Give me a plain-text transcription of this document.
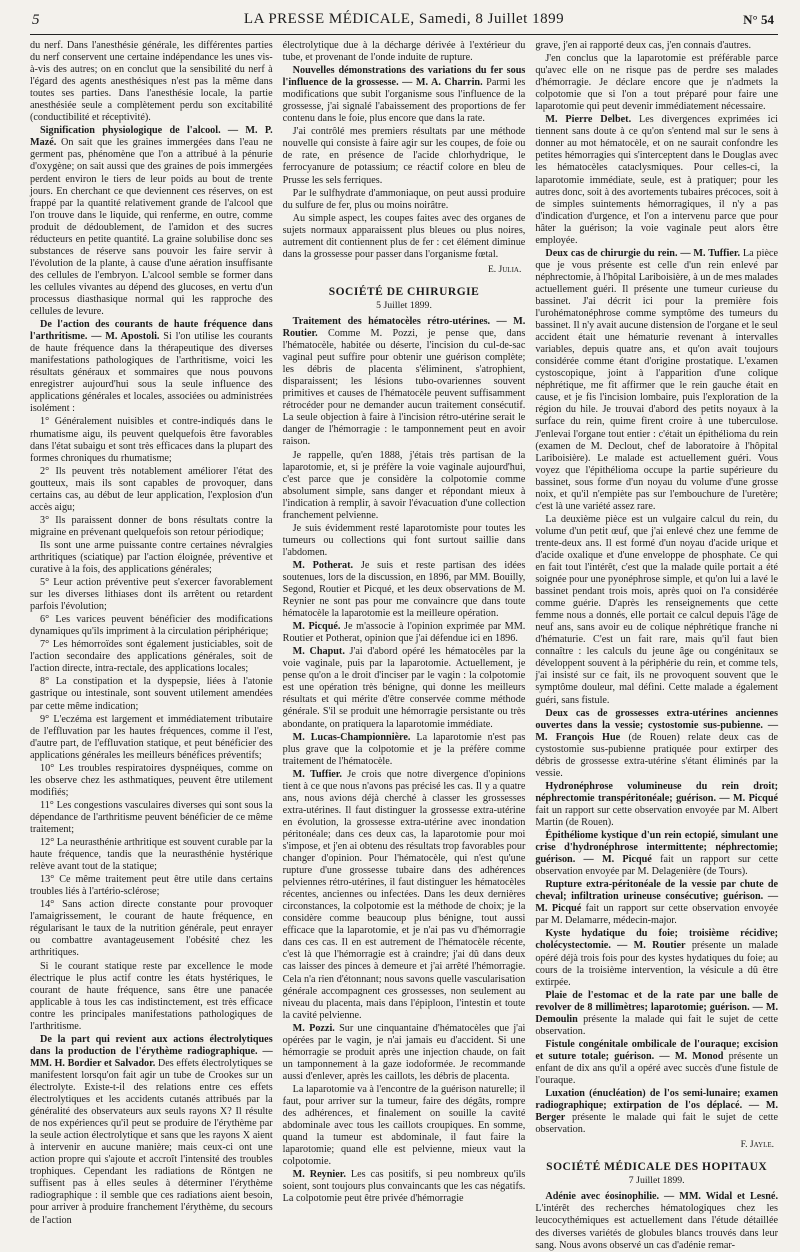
5	LA PRESSE MÉDICALE, Samedi, 8 Juillet 1899	N° 54

du nerf. Dans l'anesthésie générale, les différentes parties du nerf conservent une certaine indépendance les unes vis-à-vis des autres; on en conclut que la sensibilité du nerf à l'égard des agents anesthésiques n'est pas la même dans toutes ses parties. Dans l'anesthésie locale, la partie anesthésiée seule a complètement perdu son excitabilité (conductibilité et réceptivité).

Signification physiologique de l'alcool. — M. P. Mazé. On sait que les graines immergées dans l'eau ne germent pas, phénomène que l'on a attribué à la pénurie d'oxygène; on sait aussi que des graines de pois immergées perdent environ le tiers de leur poids au bout de trente jours. En cherchant ce que deviennent ces réserves, on est frappé par la quantité relativement grande de l'alcool que l'on trouve dans le liquide, qui renferme, en outre, comme produit de dédoublement, de l'amidon et des sucres réducteurs en petite quantité. La graine solubilise donc ses substances de réserve sans pouvoir les faire servir à l'évolution de la plante, à cause d'une aération insuffisante des cellules de l'embryon. L'alcool semble se former dans les cellules vivantes au dépend des glucoses, en vertu d'un processus diasthasique normal qui les rapproche des cellules de levure.

De l'action des courants de haute fréquence dans l'arthritisme. — M. Apostoli. Si l'on utilise les courants de haute fréquence dans la thérapeutique des diverses manifestations pathologiques de l'arthritisme, voici les résultats généraux et sommaires que nous pouvons enregistrer aujourd'hui sous la seule influence des applications générales et locales, associées ou administrées isolément :

1° Généralement nuisibles et contre-indiqués dans le rhumatisme aigu, ils peuvent quelquefois être favorables dans l'état subaigu et sont très efficaces dans la plupart des formes chroniques du rhumatisme;

2° Ils peuvent très notablement améliorer l'état des goutteux, mais ils sont capables de provoquer, dans certains cas, au début de leur application, l'explosion d'un accès aigu;

3° Ils paraissent donner de bons résultats contre la migraine en prévenant quelquefois son retour périodique;

Ils sont une arme puissante contre certaines névralgies arthritiques (sciatique) par l'action éloignée, préventive et curative à la fois, des applications générales;

5° Leur action préventive peut s'exercer favorablement sur les diverses lithiases dont ils arrêtent ou retardent parfois l'évolution;

6° Les varices peuvent bénéficier des modifications dynamiques qu'ils impriment à la circulation périphérique;

7° Les hémorroïdes sont également justiciables, soit de l'action secondaire des applications générales, soit de l'action directe, intra-rectale, des applications locales;

8° La constipation et la dyspepsie, liées à l'atonie gastrique ou intestinale, sont souvent utilement amendées par cette même indication;

9° L'eczéma est largement et immédiatement tributaire de l'effluvation par les hautes fréquences, comme il l'est, d'autre part, de l'effluvation statique, et peut bénéficier des applications générales les meilleurs bénéfices préventifs;

10° Les troubles respiratoires dyspnéiques, comme on les observe chez les asthmatiques, peuvent être utilement modifiés;

11° Les congestions vasculaires diverses qui sont sous la dépendance de l'arthritisme peuvent bénéficier de ce même traitement;

12° La neurasthénie arthritique est souvent curable par la haute fréquence, tandis que la neurasthénie hystérique relève avant tout de la statique;

13° Ce même traitement peut être utile dans certains troubles liés à l'artério-sclérose;

14° Sans action directe constante pour provoquer l'amaigrissement, le courant de haute fréquence, en régularisant le taux de la nutrition générale, peut enrayer ou combattre avantageusement l'obésité chez les arthritiques.

Si le courant statique reste par excellence le mode électrique le plus actif contre les états hystériques, le courant de haute fréquence, sans être une panacée applicable à tous les cas indistinctement, est très efficace contre les principales manifestations pathologiques de l'arthritisme.

De la part qui revient aux actions électrolytiques dans la production de l'érythème radiographique. — MM. H. Bordier et Salvador. Des effets électrolytiques se manifestent lorsqu'on fait agir un tube de Crookes sur un électrolyte. Existe-t-il des relations entre ces effets électrolytiques et les accidents cutanés attribués par la généralité des observateurs aux seuls rayons X? Il résulte de nos expériences qu'il peut se produire de l'érythème par la seule action électrolytique et sans que les rayons X aient à intervenir en aucune manière; mais ceux-ci ont une action propre qui s'ajoute et accroît l'intensité des troubles trophiques. Cependant les radiations de Röntgen ne suffisent pas à elles seules à déterminer l'érythème radiographique : il semble que ces radiations aient besoin, pour arriver à produire franchement l'érythème, du secours de l'action

électrolytique due à la décharge dérivée à l'extérieur du tube, et provenant de l'onde induite de rupture.

Nouvelles démonstrations des variations du fer sous l'influence de la grossesse. — M. A. Charrin. Parmi les modifications que subit l'organisme sous l'influence de la grossesse, j'ai signalé l'abaissement des proportions de fer contenu dans le foie, plus encore que dans la rate.

J'ai contrôlé mes premiers résultats par une méthode nouvelle qui consiste à faire agir sur les coupes, de foie ou de rate, en présence de l'acide chlorhydrique, le ferrocyanure de potassium; ce réactif colore en bleu de Prusse les sels ferriques.

Par le sulfhydrate d'ammoniaque, on peut aussi produire du sulfure de fer, plus ou moins noirâtre.

Au simple aspect, les coupes faites avec des organes de sujets normaux apparaissent plus bleues ou plus noires, autrement dit contiennent plus de fer : cet élément diminue dans la grossesse pour passer dans l'organisme fœtal.

E. Julia.
SOCIÉTÉ DE CHIRURGIE
5 Juillet 1899.

Traitement des hématocèles rétro-utérines. — M. Routier. Comme M. Pozzi, je pense que, dans l'hématocèle, habitée ou déserte, l'incision du cul-de-sac vaginal peut suffire pour obtenir une guérison complète; les débris de placenta s'éliminent, s'atrophient, disparaissent; les lésions tubo-ovariennes souvent primitives et causes de l'hématocèle peuvent suffisamment rétrocéder pour ne demander aucun traitement consécutif. La seule objection à faire à l'incision rétro-utérine serait le danger de l'hémorragie : le tamponnement peut en avoir raison.

Je rappelle, qu'en 1888, j'étais très partisan de la laparotomie, et, si je préfère la voie vaginale aujourd'hui, c'est parce que je considère la colpotomie comme absolument simple, sans danger et répondant mieux à l'indication à remplir, à savoir l'évacuation d'une collection franchement pelvienne.

Je suis évidemment resté laparotomiste pour toutes les tumeurs ou collections qui font surtout saillie dans l'abdomen.

M. Potherat. Je suis et reste partisan des idées soutenues, lors de la discussion, en 1896, par MM. Bouilly, Segond, Routier et Picqué, et les deux observations de M. Reynier ne sont pas pour me convaincre que dans toute hématocèle la laparotomie est la meilleure opération.

M. Picqué. Je m'associe à l'opinion exprimée par MM. Routier et Potherat, opinion que j'ai défendue ici en 1896.

M. Chaput. J'ai d'abord opéré les hématocèles par la voie vaginale, puis par la laparotomie. Actuellement, je pense qu'on a le droit d'inciser par le vagin : la colpotomie est une opération très bénigne, qui donne les meilleurs résultats et qui mérite d'être conservée comme méthode générale. S'il se produit une hémorragie persistante ou très abondante, on pratiquera la laparotomie immédiate.

M. Lucas-Championnière. La laparotomie n'est pas plus grave que la colpotomie et je la préfère comme traitement de l'hématocèle.

M. Tuffier. Je crois que notre divergence d'opinions tient à ce que nous n'avons pas précisé les cas. Il y a quatre ans, nous avions déjà cherché à classer les grossesses extra-utérines. Il faut distinguer la grossesse extra-utérine en évolution, la grossesse extra-utérine avec inondation péritonéale; dans ces deux cas, la laparotomie pour moi s'impose, et j'en ai obtenu des résultats trop favorables pour changer d'opinion. Pour l'hématocèle, qui n'est qu'une rupture d'une grossesse tubaire dans des adhérences pelviennes rétro-utérines, il faut distinguer les hématocèles récentes, anciennes ou infectées. Dans les deux dernières circonstances, la colpotomie est la méthode de choix; je la considère comme beaucoup plus bénigne, tout aussi efficace que la laparotomie, et je n'ai pas vu d'hémorragie dans ces cas. Il en est autrement de l'hématocèle récente, c'est là que l'hémorragie est à craindre; j'ai dû dans deux cas laisser des pinces à demeure et j'ai arrêté l'hémorragie. Cela n'a rien d'étonnant; nous savons quelle vascularisation générale accompagnent ces grossesses, non seulement au niveau du placenta, mais dans l'épiploon, l'intestin et toute la cavité pelvienne.

M. Pozzi. Sur une cinquantaine d'hématocèles que j'ai opérées par le vagin, je n'ai jamais eu d'accident. Si une hémorragie se produit après une injection chaude, on fait un tamponnement à la gaze iodoformée. Je recommande aussi d'enlever, après les caillots, les débris de placenta.

La laparotomie va à l'encontre de la guérison naturelle; il faut, pour arriver sur la tumeur, faire des dégâts, rompre des adhérences, et finalement on souille la cavité abdominale avec tous les caillots croupiques. En somme, quand la tumeur est abdominale, il faut faire la laparotomie; quand elle est pelvienne, mieux vaut la colpotomie.

M. Reynier. Les cas positifs, si peu nombreux qu'ils soient, sont toujours plus convaincants que les cas négatifs. La colpotomie peut être privée d'hémorragie

grave, j'en ai rapporté deux cas, j'en connais d'autres.

J'en conclus que la laparotomie est préférable parce qu'avec elle on ne risque pas de perdre ses malades d'hémorragie. Je déclare encore que je n'admets la colpotomie que si l'on a tout préparé pour faire une laparotomie qui peut devenir immédiatement nécessaire.

M. Pierre Delbet. Les divergences exprimées ici tiennent sans doute à ce qu'on s'entend mal sur le sens à donner au mot hématocèle, et on ne saurait confondre les petites hémorragies qui s'interceptent dans le Douglas avec les hématocèles cataclysmiques. Pour celles-ci, la laparotomie immédiate, seule, est à pratiquer; pour les autres donc, soit à des avortements tubaires précoces, soit à de simples suintements hémorragiques, il n'y a pas d'indication d'urgence, et l'on a intervenu parce que pour hâter la guérison; la voie vaginale peut alors être employée.

Deux cas de chirurgie du rein. — M. Tuffier. La pièce que je vous présente est celle d'un rein enlevé par néphrectomie, à l'hôpital Lariboisière, à un de mes malades actuellement guéri. Il présente une tumeur curieuse du bassinet. J'ai décrit ici pour la première fois l'urohématonéphrose comme symptôme des tumeurs du bassinet. Il n'y avait aucune distension de l'organe et le seul accident était une hématurie revenant à intervalles variables, depuis quatre ans, et qu'on avait toujours considérée comme étant d'origine prostatique. L'examen cystoscopique, joint à l'apparition d'une colique néphrétique, me fit affirmer que le rein gauche était en cause, et je fis l'incision lombaire, puis l'exploration de la région du hile. Je trouvai d'abord des petits noyaux à la surface du rein, quime firent croire à une tuberculose. J'enlevai l'organe tout entier : c'était un épithélioma du rein (examen de M. Declout, chef de laboratoire à l'hôpital Lariboisière). Le malade est actuellement guéri. Vous voyez que l'épithélioma occupe la partie supérieure du bassinet, sous forme d'un noyau du volume d'une grosse noix, et qu'il n'empiète pas sur l'embouchure de l'uretère; c'est là une variété assez rare.

La deuxième pièce est un vulgaire calcul du rein, du volume d'un petit œuf, que j'ai enlevé chez une femme de trente-deux ans. Il est formé d'un noyau d'acide urique et d'acide oxalique et d'une enveloppe de phosphate. Ce qui en fait tout l'intérêt, c'est que la malade quile portait a été soignée pour une pyonéphrose simple, et qu'on lui a lavé le bassinet pendant trois mois, après quoi on l'a considérée comme guérie. D'après les renseignements que cette femme nous a donnés, elle portait ce calcul depuis l'âge de neuf ans, sans avoir eu de colique néphrétique franche ni d'hématurie. C'est un fait rare, mais qu'il faut bien connaître : les calculs du jeune âge ou congénitaux se développent souvent à la périphérie du rein, et comme tels, j'ai insisté sur ce fait, ils ne provoquent souvent que le symptôme douleur, mal défini. Cette malade a également guéri, sans fistule.

Deux cas de grossesses extra-utérines anciennes ouvertes dans la vessie; cystostomie sus-pubienne. — M. François Hue (de Rouen) relate deux cas de cystostomie sus-pubienne pratiquée pour extirper des débris de grossesse extra-utérine s'étant éliminés par la vessie.

Hydronéphrose volumineuse du rein droit; néphrectomie transpéritonéale; guérison. — M. Picqué fait un rapport sur cette observation envoyée par M. Albert Martin (de Rouen).

Épithéliome kystique d'un rein ectopié, simulant une crise d'hydronéphrose intermittente; néphrectomie; guérison. — M. Picqué fait un rapport sur cette observation envoyée par M. Delagenière (de Tours).

Rupture extra-péritonéale de la vessie par chute de cheval; infiltration urineuse consécutive; guérison. — M. Picqué fait un rapport sur cette observation envoyée par M. Delamarre, médecin-major.

Kyste hydatique du foie; troisième récidive; cholécystectomie. — M. Routier présente un malade opéré déjà trois fois pour des kystes hydatiques du foie; au cours de la troisième intervention, la vésicule a dû être extirpée.

Plaie de l'estomac et de la rate par une balle de revolver de 8 millimètres; laparotomie; guérison. — M. Demoulin présente la malade qui fait le sujet de cette observation.

Fistule congénitale ombilicale de l'ouraque; excision et suture totale; guérison. — M. Monod présente un enfant de dix ans qu'il a opéré avec succès d'une fistule de l'ouraque.

Luxation (énucléation) de l'os semi-lunaire; examen radiographique; extirpation de l'os déplacé. — M. Berger présente le malade qui fait le sujet de cette observation.

F. Jayle.
SOCIÉTÉ MÉDICALE DES HOPITAUX
7 Juillet 1899.

Adénie avec éosinophilie. — MM. Widal et Lesné. L'intérêt des recherches hématologiques chez les leucocythémiques est actuellement dans l'étude détaillée des diverses variétés de globules blancs trouvés dans leur sang. Nous avons observé un cas d'adénie remar-
